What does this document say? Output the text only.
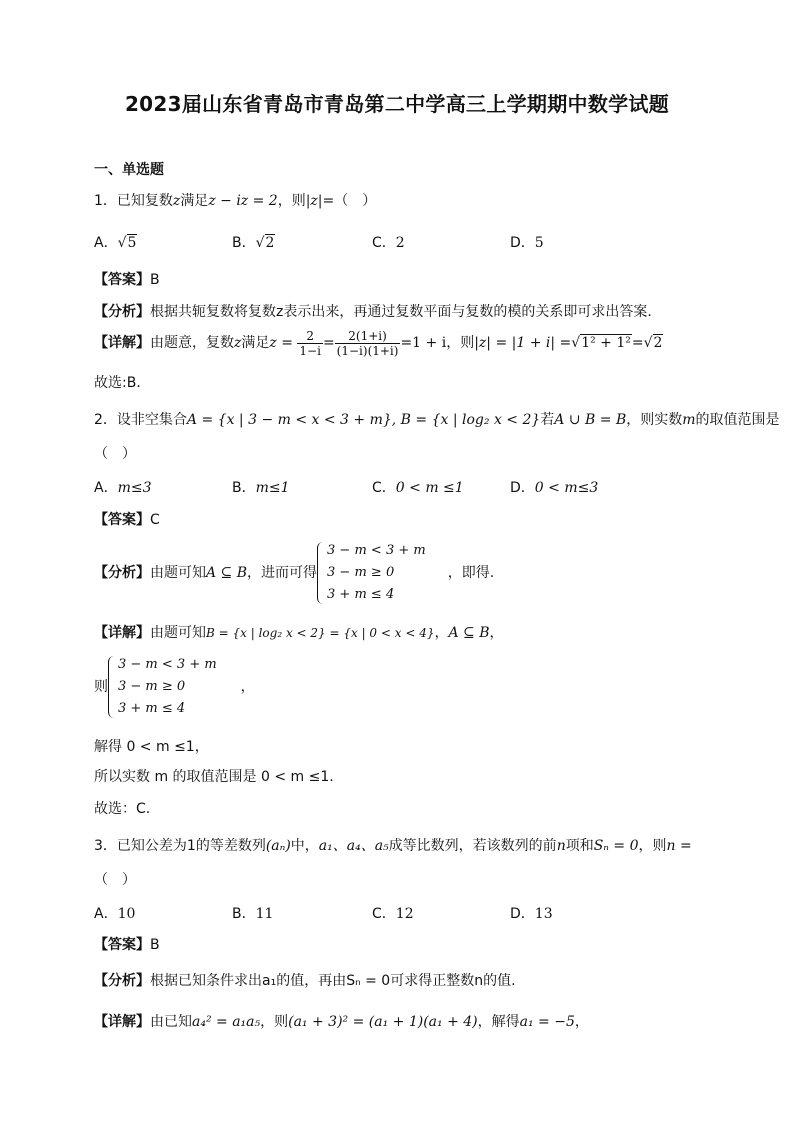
2023届山东省青岛市青岛第二中学高三上学期期中数学试题
一、单选题
1．已知复数z满足z − iz = 2，则|z|=（　）
A．√5	B．√2	C．2	D．5
【答案】B
【分析】根据共轭复数将复数z表示出来，再通过复数平面与复数的模的关系即可求出答案.
【详解】由题意，复数z满足$z = \frac{2}{1-i} = \frac{2(1+i)}{(1-i)(1+i)} =1 + i$，则|z| = |1 + i| =√1² + 1²=√2
故选:B．
2．设非空集合A = {x | 3 − m < x < 3 + m}, B = {x | log₂ x < 2}若A ∪ B = B，则实数m的取值范围是
（　）
A．m≤3	B．m≤1	C．0 < m ≤1	D．0 < m≤3
【答案】C
【分析】由题可知A ⊆ B，进而可得
3 − m < 3 + m
3 − m ≥ 0
3 + m ≤ 4
，即得.
【详解】由题可知B = {x | log₂ x < 2} = {x | 0 < x < 4}，A ⊆ B，
则
3 − m < 3 + m
3 − m ≥ 0
3 + m ≤ 4
，
解得 0 < m ≤1，
所以实数 m 的取值范围是 0 < m ≤1.
故选：C.
3．已知公差为1的等差数列(aₙ)中，a₁、a₄、a₅成等比数列，若该数列的前n项和Sₙ = 0，则n =
（　）
A．10	B．11	C．12	D．13
【答案】B
【分析】根据已知条件求出a₁的值，再由Sₙ = 0可求得正整数n的值.
【详解】由已知a₄² = a₁a₅，则(a₁ + 3)² = (a₁ + 1)(a₁ + 4)，解得a₁ = −5，
